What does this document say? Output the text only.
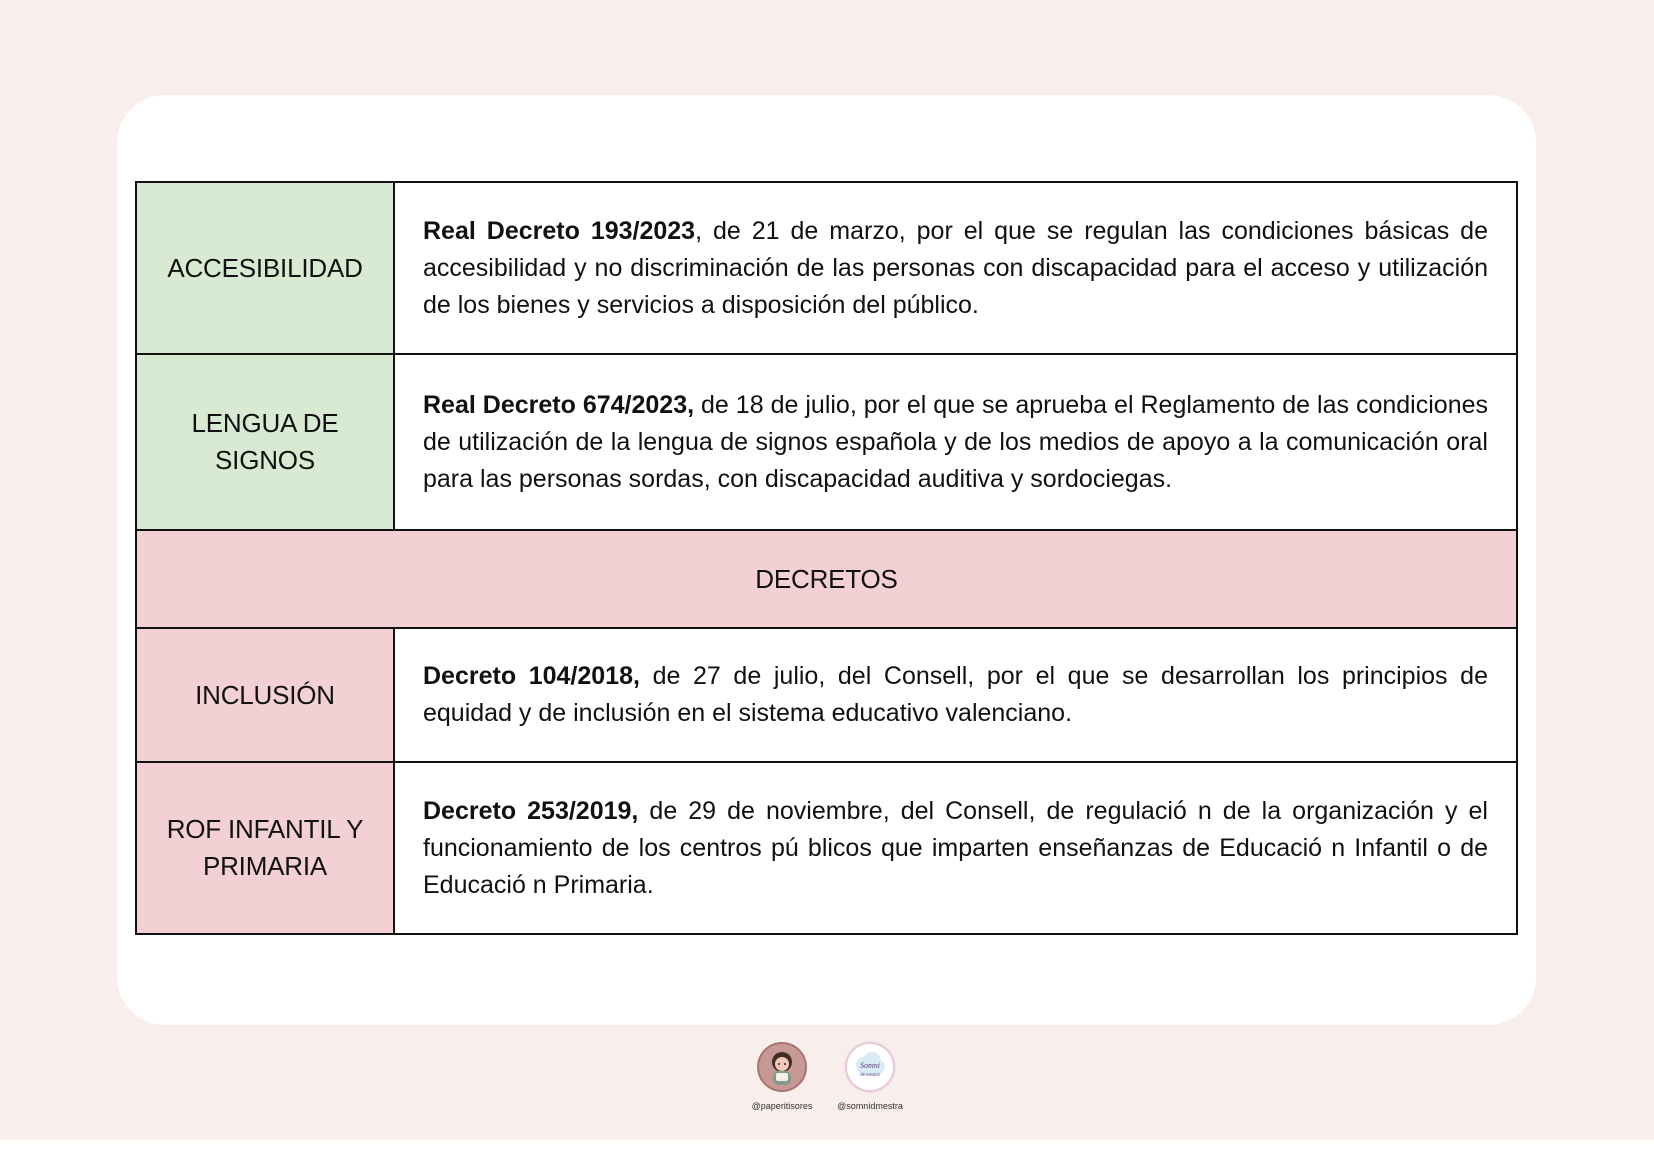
ACCESIBILIDAD	Real Decreto 193/2023, de 21 de marzo, por el que se regulan las condiciones básicas de accesibilidad y no discriminación de las personas con discapacidad para el acceso y utilización de los bienes y servicios a disposición del público.
LENGUA DE SIGNOS	Real Decreto 674/2023, de 18 de julio, por el que se aprueba el Reglamento de las condiciones de utilización de la lengua de signos española y de los medios de apoyo a la comunicación oral para las personas sordas, con discapacidad auditiva y sordociegas.
DECRETOS	
INCLUSIÓN	Decreto 104/2018, de 27 de julio, del Consell, por el que se desarrollan los principios de equidad y de inclusión en el sistema educativo valenciano.
ROF INFANTIL Y PRIMARIA	Decreto 253/2019, de 29 de noviembre, del Consell, de regulació n de la organización y el funcionamiento de los centros pú blicos que imparten enseñanzas de Educació n Infantil o de Educació n Primaria.
@paperitisores
Somni
de mestra
@somnidmestra
